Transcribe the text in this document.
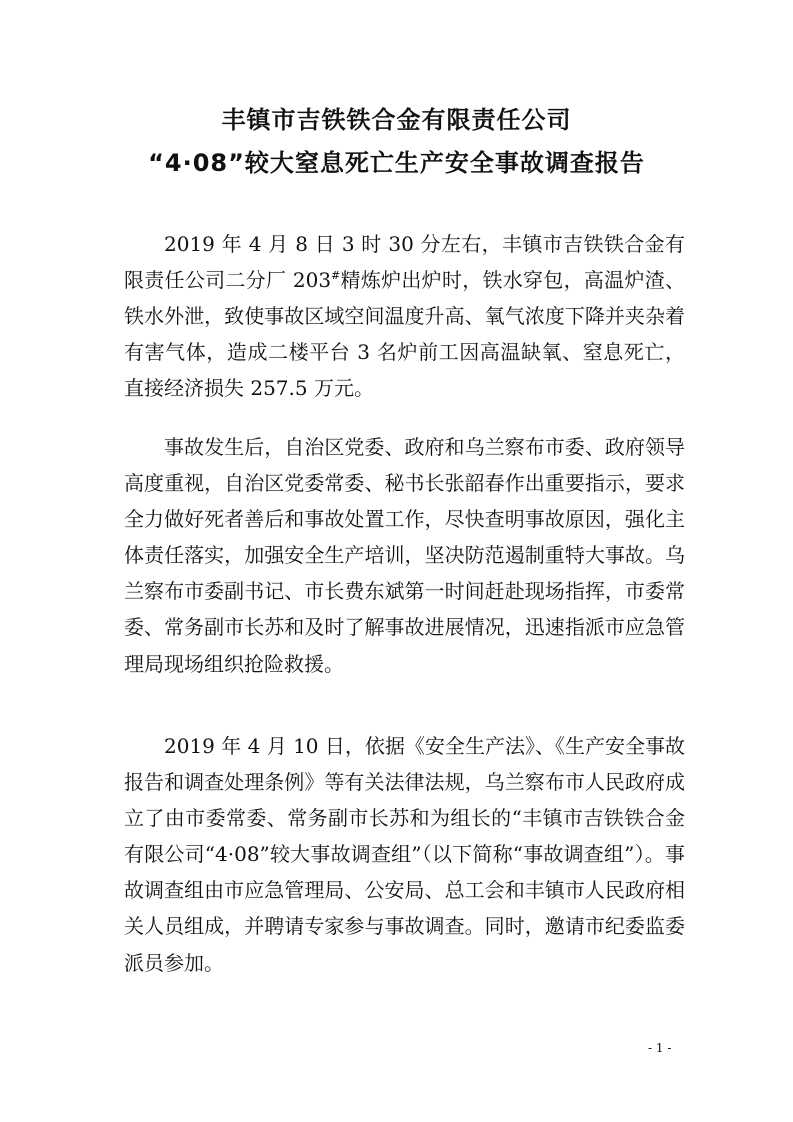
丰镇市吉铁铁合金有限责任公司
“4·08”较大窒息死亡生产安全事故调查报告

2019 年 4 月 8 日 3 时 30 分左右，丰镇市吉铁铁合金有限责任公司二分厂 203#精炼炉出炉时，铁水穿包，高温炉渣、铁水外泄，致使事故区域空间温度升高、氧气浓度下降并夹杂着有害气体，造成二楼平台 3 名炉前工因高温缺氧、窒息死亡，直接经济损失 257.5 万元。

事故发生后，自治区党委、政府和乌兰察布市委、政府领导高度重视，自治区党委常委、秘书长张韶春作出重要指示，要求全力做好死者善后和事故处置工作，尽快查明事故原因，强化主体责任落实，加强安全生产培训，坚决防范遏制重特大事故。乌兰察布市委副书记、市长费东斌第一时间赶赴现场指挥，市委常委、常务副市长苏和及时了解事故进展情况，迅速指派市应急管理局现场组织抢险救援。

2019 年 4 月 10 日，依据《安全生产法》、《生产安全事故报告和调查处理条例》等有关法律法规，乌兰察布市人民政府成立了由市委常委、常务副市长苏和为组长的“丰镇市吉铁铁合金有限公司“4·08”较大事故调查组”（以下简称“事故调查组”）。事故调查组由市应急管理局、公安局、总工会和丰镇市人民政府相关人员组成，并聘请专家参与事故调查。同时，邀请市纪委监委派员参加。

- 1 -
